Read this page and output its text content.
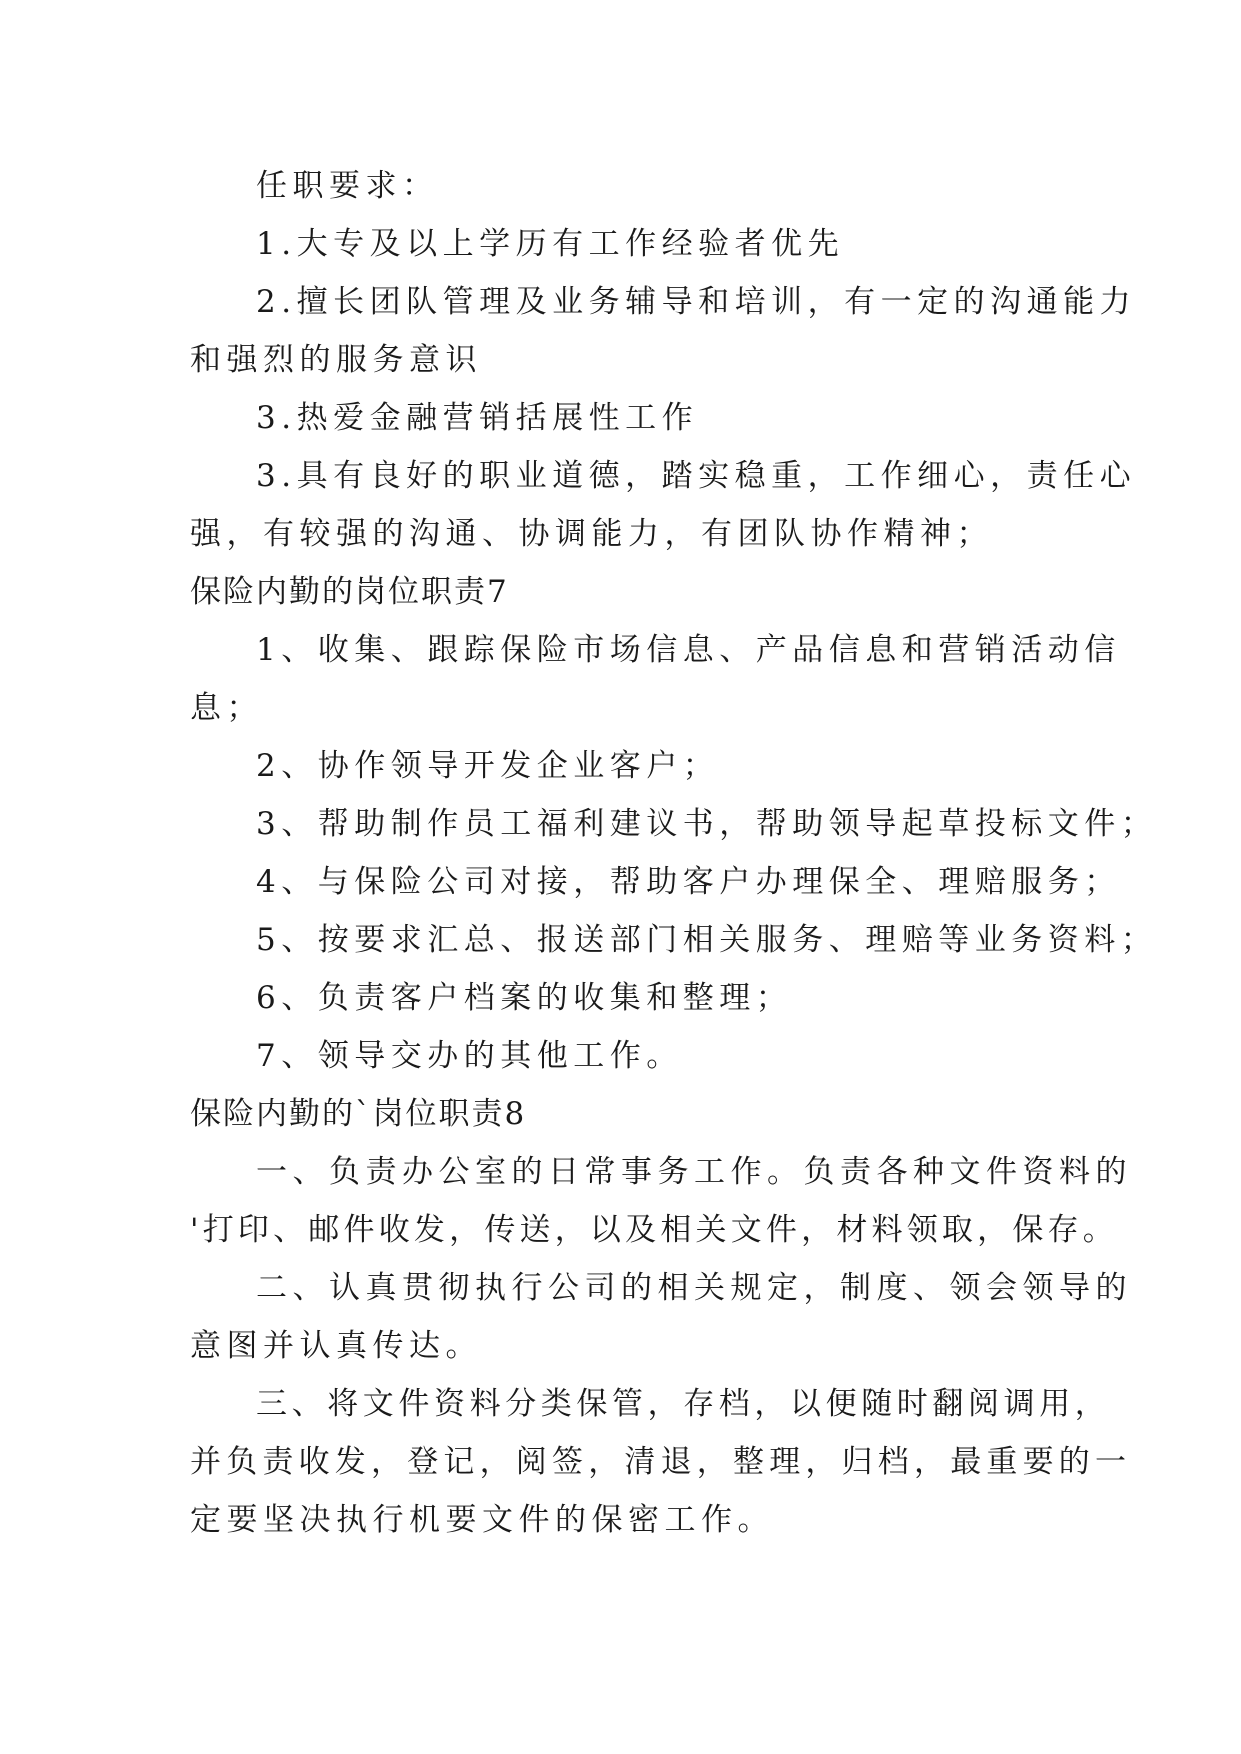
任职要求：
1.大专及以上学历有工作经验者优先
2.擅长团队管理及业务辅导和培训，有一定的沟通能力
和强烈的服务意识
3.热爱金融营销括展性工作
3.具有良好的职业道德，踏实稳重，工作细心，责任心
强，有较强的沟通、协调能力，有团队协作精神；
保险内勤的岗位职责7
1、收集、跟踪保险市场信息、产品信息和营销活动信
息；
2、协作领导开发企业客户；
3、帮助制作员工福利建议书，帮助领导起草投标文件；
4、与保险公司对接，帮助客户办理保全、理赔服务；
5、按要求汇总、报送部门相关服务、理赔等业务资料；
6、负责客户档案的收集和整理；
7、领导交办的其他工作。
保险内勤的`岗位职责8
一、负责办公室的日常事务工作。负责各种文件资料的
'打印、邮件收发，传送，以及相关文件，材料领取，保存。
二、认真贯彻执行公司的相关规定，制度、领会领导的
意图并认真传达。
三、将文件资料分类保管，存档，以便随时翻阅调用，
并负责收发，登记，阅签，清退，整理，归档，最重要的一
定要坚决执行机要文件的保密工作。
